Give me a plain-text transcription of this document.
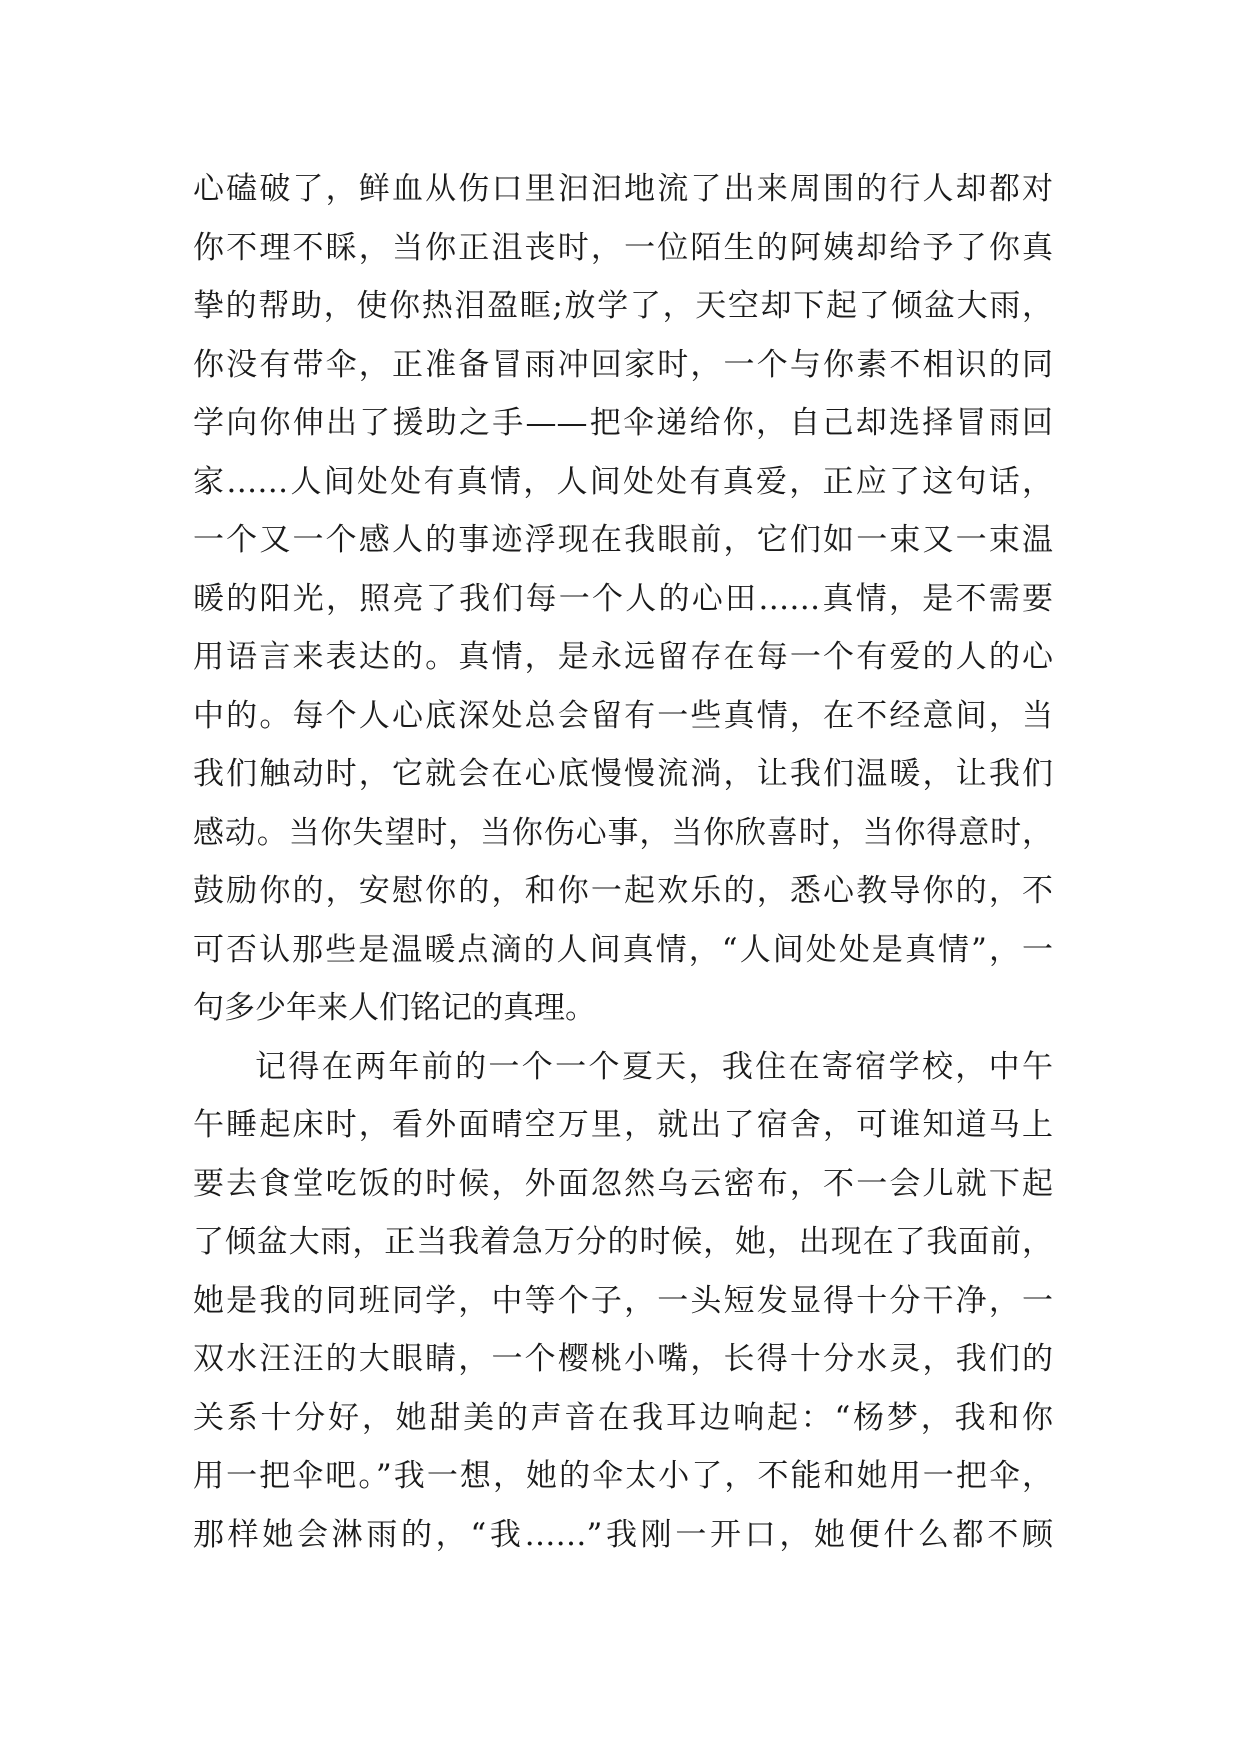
心磕破了，鲜血从伤口里汩汩地流了出来周围的行人却都对
你不理不睬，当你正沮丧时，一位陌生的阿姨却给予了你真
挚的帮助，使你热泪盈眶;放学了，天空却下起了倾盆大雨，
你没有带伞，正准备冒雨冲回家时，一个与你素不相识的同
学向你伸出了援助之手——把伞递给你，自己却选择冒雨回
家……人间处处有真情，人间处处有真爱，正应了这句话，
一个又一个感人的事迹浮现在我眼前，它们如一束又一束温
暖的阳光，照亮了我们每一个人的心田……真情，是不需要
用语言来表达的。真情，是永远留存在每一个有爱的人的心
中的。每个人心底深处总会留有一些真情，在不经意间，当
我们触动时，它就会在心底慢慢流淌，让我们温暖，让我们
感动。当你失望时，当你伤心事，当你欣喜时，当你得意时，
鼓励你的，安慰你的，和你一起欢乐的，悉心教导你的，不
可否认那些是温暖点滴的人间真情，“人间处处是真情”，一
句多少年来人们铭记的真理。
记得在两年前的一个一个夏天，我住在寄宿学校，中午
午睡起床时，看外面晴空万里，就出了宿舍，可谁知道马上
要去食堂吃饭的时候，外面忽然乌云密布，不一会儿就下起
了倾盆大雨，正当我着急万分的时候，她，出现在了我面前，
她是我的同班同学，中等个子，一头短发显得十分干净，一
双水汪汪的大眼睛，一个樱桃小嘴，长得十分水灵，我们的
关系十分好，她甜美的声音在我耳边响起：“杨梦，我和你
用一把伞吧。”我一想，她的伞太小了，不能和她用一把伞，
那样她会淋雨的，“我……”我刚一开口，她便什么都不顾
